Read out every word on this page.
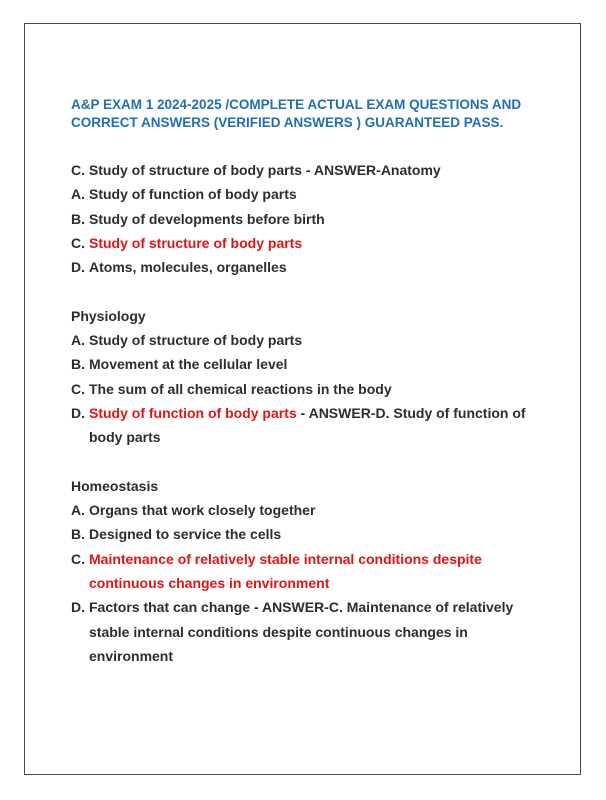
A&P EXAM 1 2024-2025 /COMPLETE ACTUAL EXAM QUESTIONS AND CORRECT ANSWERS (VERIFIED ANSWERS ) GUARANTEED PASS.
C. Study of structure of body parts - ANSWER-Anatomy
A. Study of function of body parts
B. Study of developments before birth
C. Study of structure of body parts
D. Atoms, molecules, organelles
Physiology
A. Study of structure of body parts
B. Movement at the cellular level
C. The sum of all chemical reactions in the body
D. Study of function of body parts - ANSWER-D. Study of function of body parts
Homeostasis
A. Organs that work closely together
B. Designed to service the cells
C. Maintenance of relatively stable internal conditions despite continuous changes in environment
D. Factors that can change - ANSWER-C. Maintenance of relatively stable internal conditions despite continuous changes in environment
